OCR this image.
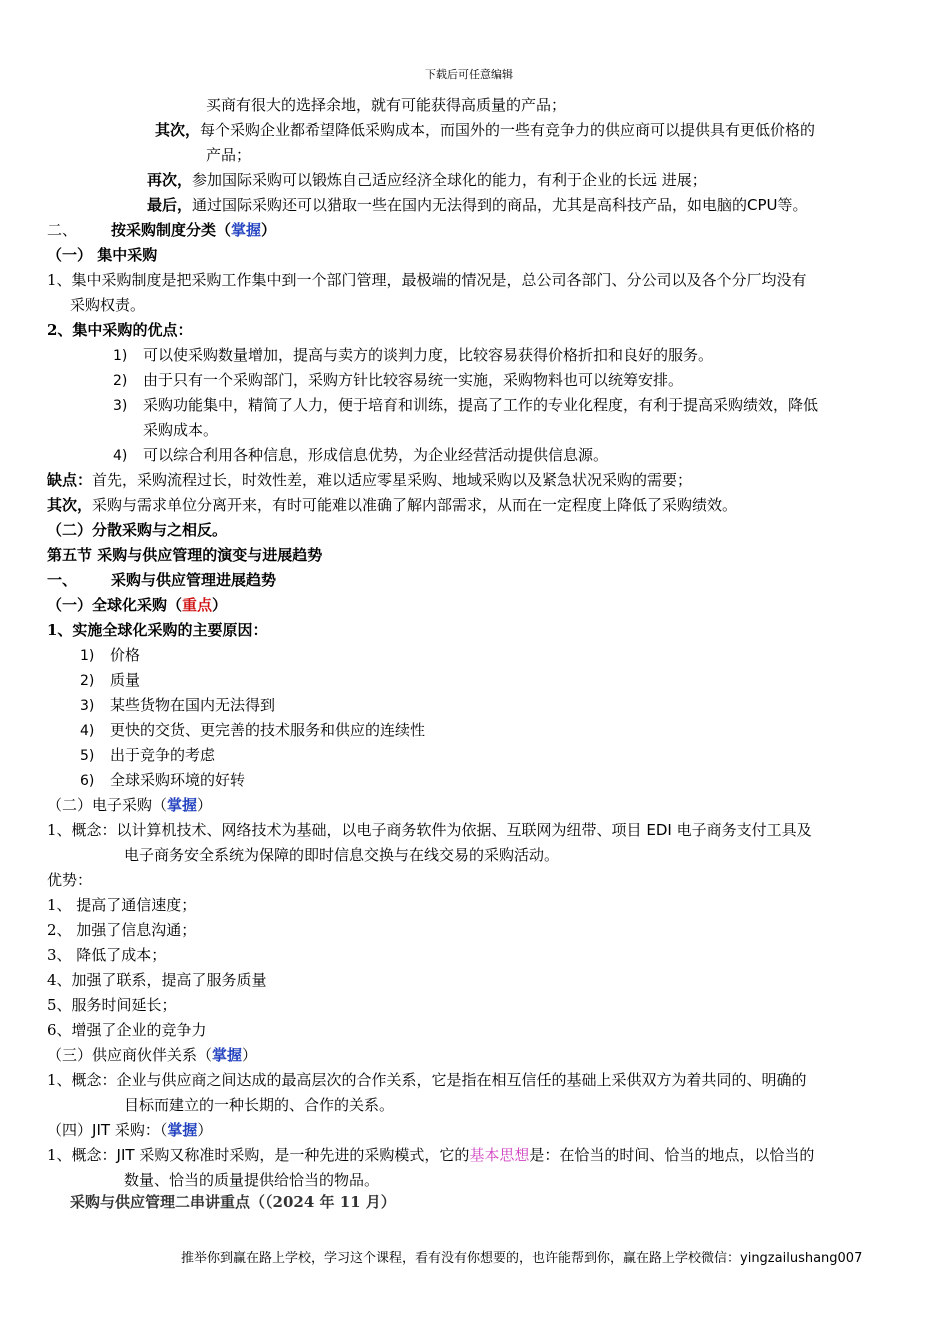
下载后可任意编辑
买商有很大的选择余地，就有可能获得高质量的产品；
其次，每个采购企业都希望降低采购成本，而国外的一些有竞争力的供应商可以提供具有更低价格的
产品；
再次，参加国际采购可以锻炼自己适应经济全球化的能力，有利于企业的长远 进展；
最后，通过国际采购还可以猎取一些在国内无法得到的商品，尤其是高科技产品，如电脑的CPU等。
二、 按采购制度分类（掌握）
（一） 集中采购
1、集中采购制度是把采购工作集中到一个部门管理，最极端的情况是，总公司各部门、分公司以及各个分厂均没有
采购权责。
2、集中采购的优点：
1) 可以使采购数量增加，提高与卖方的谈判力度，比较容易获得价格折扣和良好的服务。
2) 由于只有一个采购部门，采购方针比较容易统一实施，采购物料也可以统筹安排。
3) 采购功能集中，精简了人力，便于培育和训练，提高了工作的专业化程度，有利于提高采购绩效，降低
采购成本。
4) 可以综合利用各种信息，形成信息优势，为企业经营活动提供信息源。
缺点：首先，采购流程过长，时效性差，难以适应零星采购、地域采购以及紧急状况采购的需要；
其次，采购与需求单位分离开来，有时可能难以准确了解内部需求，从而在一定程度上降低了采购绩效。
（二）分散采购与之相反。
第五节 采购与供应管理的演变与进展趋势
一、 采购与供应管理进展趋势
（一）全球化采购（重点）
1、实施全球化采购的主要原因：
1) 价格
2) 质量
3) 某些货物在国内无法得到
4) 更快的交货、更完善的技术服务和供应的连续性
5) 出于竞争的考虑
6) 全球采购环境的好转
（二）电子采购（掌握）
1、概念：以计算机技术、网络技术为基础，以电子商务软件为依据、互联网为纽带、项目 EDI 电子商务支付工具及
电子商务安全系统为保障的即时信息交换与在线交易的采购活动。
优势：
1、 提高了通信速度；
2、 加强了信息沟通；
3、 降低了成本；
4、加强了联系，提高了服务质量
5、服务时间延长；
6、增强了企业的竞争力
（三）供应商伙伴关系（掌握）
1、概念：企业与供应商之间达成的最高层次的合作关系，它是指在相互信任的基础上采供双方为着共同的、明确的
目标而建立的一种长期的、合作的关系。
（四）JIT 采购：（掌握）
1、概念：JIT 采购又称准时采购，是一种先进的采购模式，它的基本思想是：在恰当的时间、恰当的地点，以恰当的
数量、恰当的质量提供给恰当的物品。
采购与供应管理二串讲重点（（2024 年 11 月）
推举你到赢在路上学校，学习这个课程，看有没有你想要的，也许能帮到你，赢在路上学校微信：yingzailushang007
